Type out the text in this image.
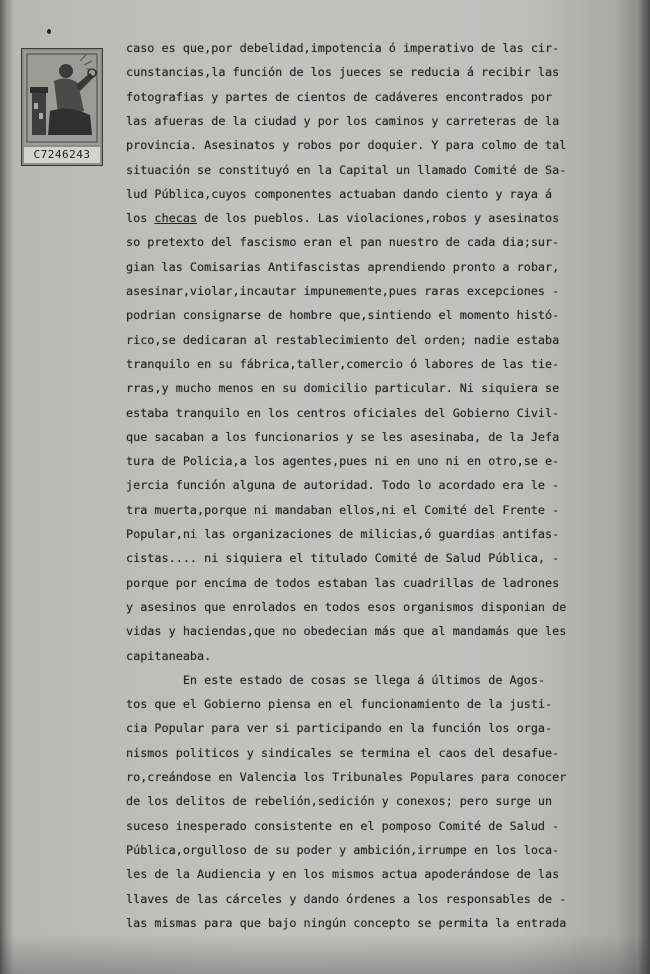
C7246243
caso es que,por debelidad,impotencia ó imperativo de las cir-
cunstancias,la función de los jueces se reducia á recibir las
fotografias y partes de cientos de cadáveres encontrados por
las afueras de la ciudad y por los caminos y carreteras de la
provincia. Asesinatos y robos por doquier. Y para colmo de tal
situación se constituyó en la Capital un llamado Comité de Sa-
lud Pública,cuyos componentes actuaban dando ciento y raya á
los checas de los pueblos. Las violaciones,robos y asesinatos
so pretexto del fascismo eran el pan nuestro de cada dia;sur-
gian las Comisarias Antifascistas aprendiendo pronto a robar,
asesinar,violar,incautar impunemente,pues raras excepciones -
podrian consignarse de hombre que,sintiendo el momento histó-
rico,se dedicaran al restablecimiento del orden; nadie estaba
tranquilo en su fábrica,taller,comercio ó labores de las tie-
rras,y mucho menos en su domicilio particular. Ni siquiera se
estaba tranquilo en los centros oficiales del Gobierno Civil-
que sacaban a los funcionarios y se les asesinaba, de la Jefa
tura de Policia,a los agentes,pues ni en uno ni en otro,se e-
jercia función alguna de autoridad. Todo lo acordado era le -
tra muerta,porque ni mandaban ellos,ni el Comité del Frente -
Popular,ni las organizaciones de milicias,ó guardias antifas-
cistas.... ni siquiera el titulado Comité de Salud Pública, -
porque por encima de todos estaban las cuadrillas de ladrones
y asesinos que enrolados en todos esos organismos disponian de
vidas y haciendas,que no obedecian más que al mandamás que les
capitaneaba.
En este estado de cosas se llega á últimos de Agos-
tos que el Gobierno piensa en el funcionamiento de la justi-
cia Popular para ver si participando en la función los orga-
nismos politicos y sindicales se termina el caos del desafue-
ro,creándose en Valencia los Tribunales Populares para conocer
de los delitos de rebelión,sedición y conexos; pero surge un
suceso inesperado consistente en el pomposo Comité de Salud -
Pública,orgulloso de su poder y ambición,irrumpe en los loca-
les de la Audiencia y en los mismos actua apoderándose de las
llaves de las cárceles y dando órdenes a los responsables de -
las mismas para que bajo ningún concepto se permita la entrada
